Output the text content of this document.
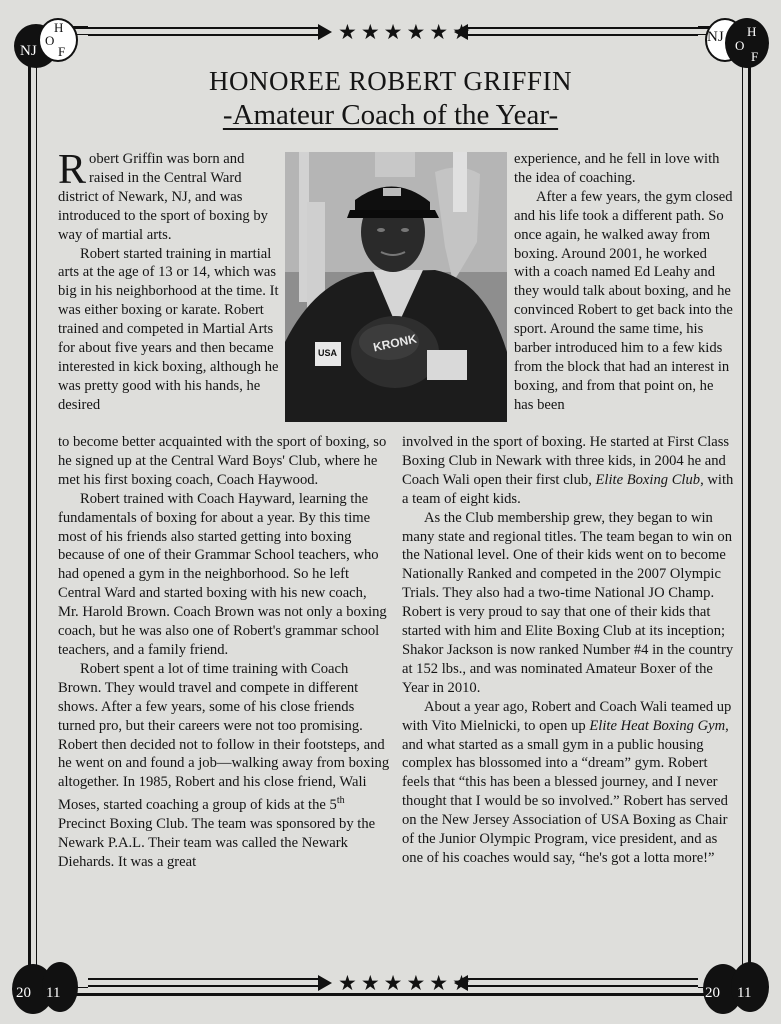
★★★★★★
★★★★★★
NJ
H
O
F
NJ H
O
F
20 11	20 11
HONOREE ROBERT GRIFFIN
-Amateur Coach of the Year-
KRONK
USA

Robert Griffin was born and raised in the Central Ward district of Newark, NJ, and was introduced to the sport of boxing by way of martial arts.

Robert started training in martial arts at the age of 13 or 14, which was big in his neighborhood at the time. It was either boxing or karate. Robert trained and competed in Martial Arts for about five years and then became interested in kick boxing, although he was pretty good with his hands, he desired

to become better acquainted with the sport of boxing, so he signed up at the Central Ward Boys' Club, where he met his first boxing coach, Coach Haywood.

Robert trained with Coach Hayward, learning the fundamentals of boxing for about a year. By this time most of his friends also started getting into boxing because of one of their Grammar School teachers, who had opened a gym in the neighborhood. So he left Central Ward and started boxing with his new coach, Mr. Harold Brown. Coach Brown was not only a boxing coach, but he was also one of Robert's grammar school teachers, and a family friend.

Robert spent a lot of time training with Coach Brown. They would travel and compete in different shows. After a few years, some of his close friends turned pro, but their careers were not too promising. Robert then decided not to follow in their footsteps, and he went on and found a job—walking away from boxing altogether. In 1985, Robert and his close friend, Wali Moses, started coaching a group of kids at the 5th Precinct Boxing Club. The team was sponsored by the Newark P.A.L. Their team was called the Newark Diehards. It was a great

experience, and he fell in love with the idea of coaching.

After a few years, the gym closed and his life took a different path. So once again, he walked away from boxing. Around 2001, he worked with a coach named Ed Leahy and they would talk about boxing, and he convinced Robert to get back into the sport. Around the same time, his barber introduced him to a few kids from the block that had an interest in boxing, and from that point on, he has been

involved in the sport of boxing. He started at First Class Boxing Club in Newark with three kids, in 2004 he and Coach Wali open their first club, Elite Boxing Club, with a team of eight kids.

As the Club membership grew, they began to win many state and regional titles. The team began to win on the National level. One of their kids went on to become Nationally Ranked and competed in the 2007 Olympic Trials. They also had a two-time National JO Champ. Robert is very proud to say that one of their kids that started with him and Elite Boxing Club at its inception; Shakor Jackson is now ranked Number #4 in the country at 152 lbs., and was nominated Amateur Boxer of the Year in 2010.

About a year ago, Robert and Coach Wali teamed up with Vito Mielnicki, to open up Elite Heat Boxing Gym, and what started as a small gym in a public housing complex has blossomed into a “dream” gym. Robert feels that “this has been a blessed journey, and I never thought that I would be so involved.” Robert has served on the New Jersey Association of USA Boxing as Chair of the Junior Olympic Program, vice president, and as one of his coaches would say, “he's got a lotta more!”
